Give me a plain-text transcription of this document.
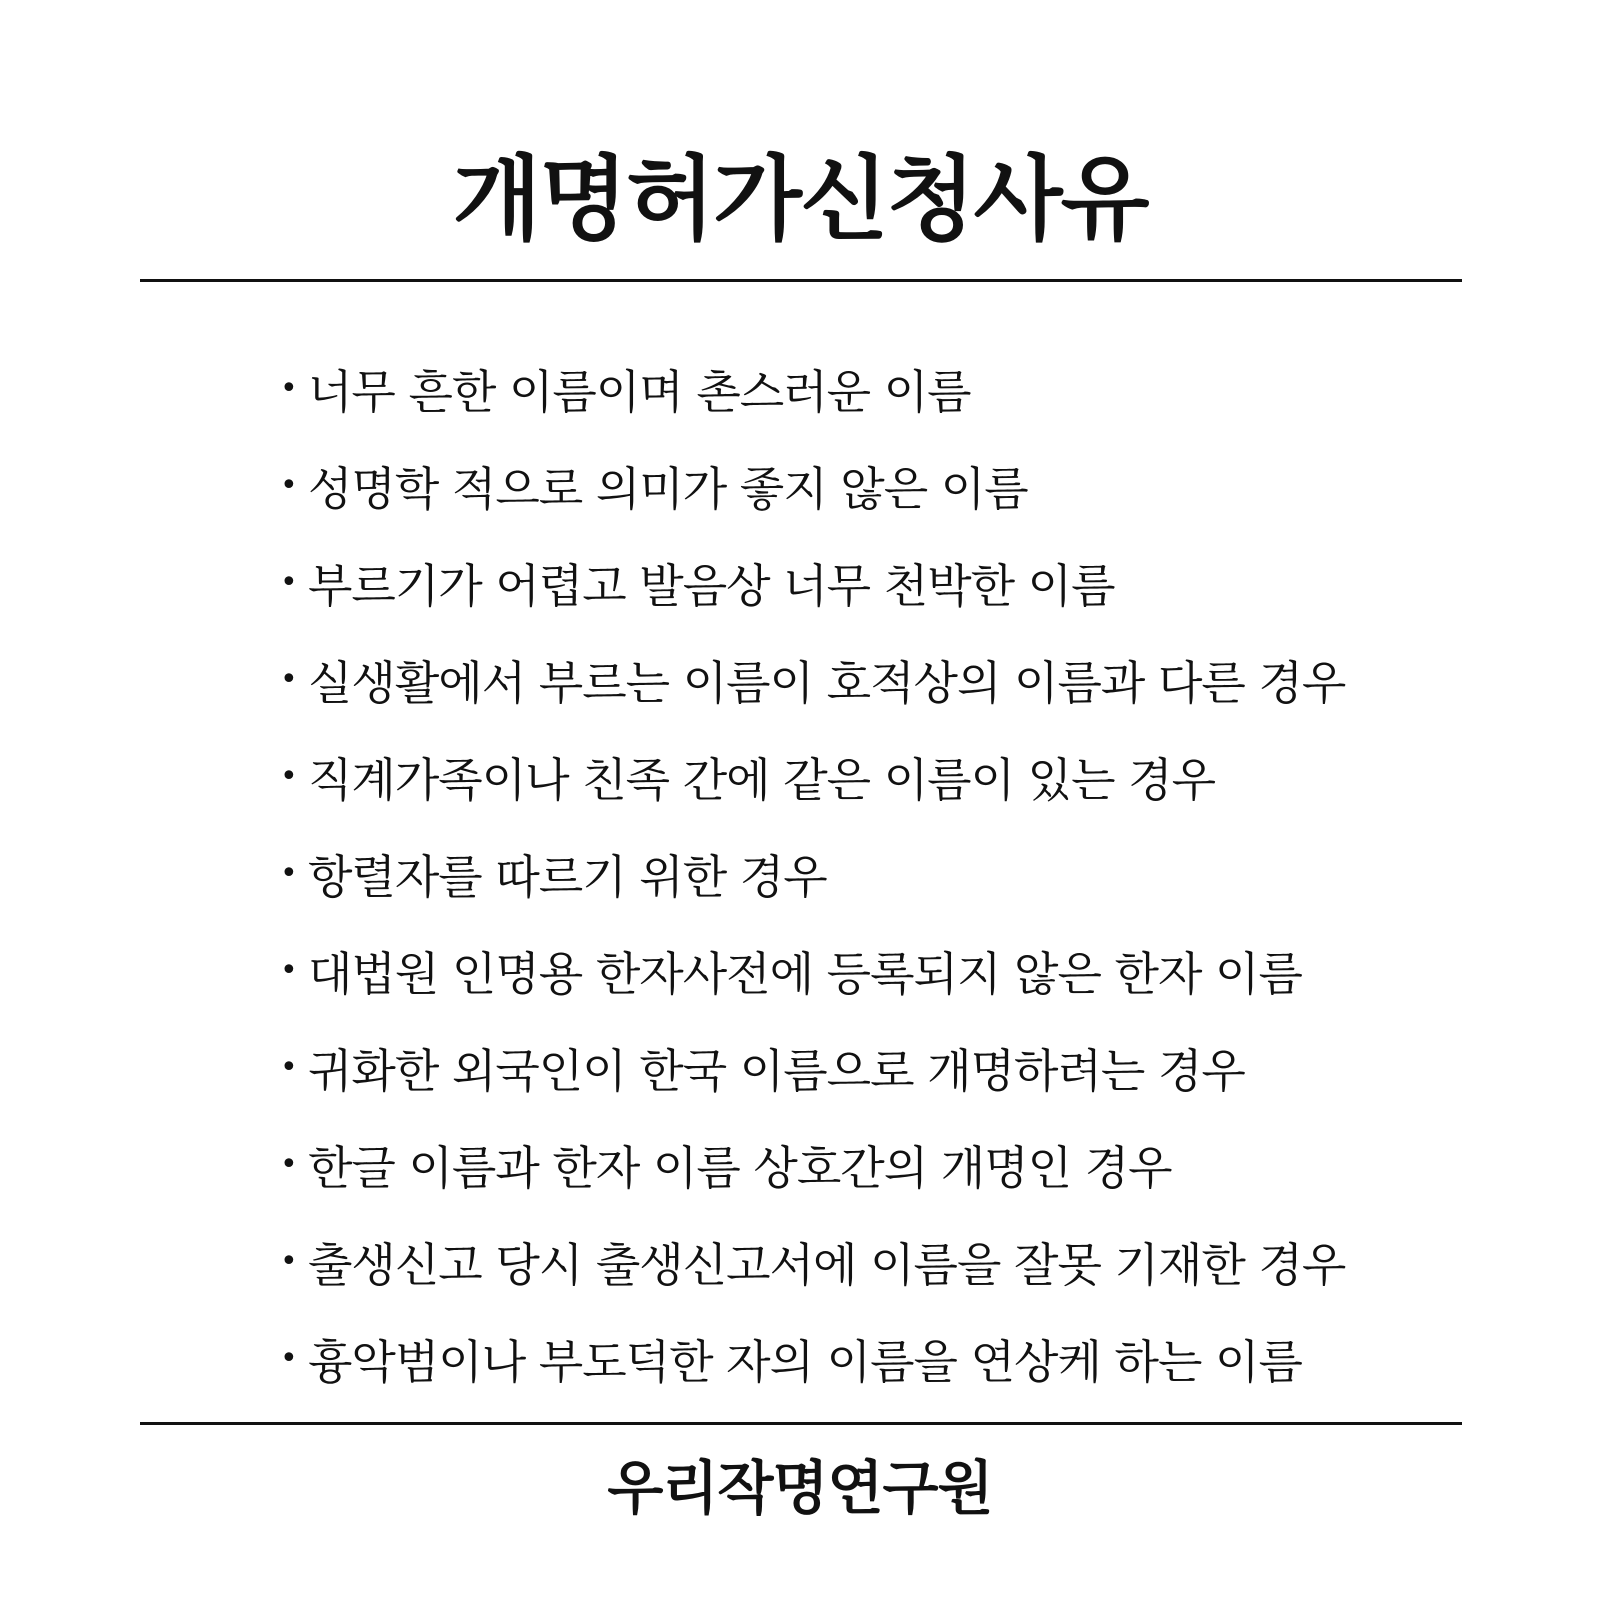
개명허가신청사유
• 너무 흔한 이름이며 촌스러운 이름
• 성명학 적으로 의미가 좋지 않은 이름
• 부르기가 어렵고 발음상 너무 천박한 이름
• 실생활에서 부르는 이름이 호적상의 이름과 다른 경우
• 직계가족이나 친족 간에 같은 이름이 있는 경우
• 항렬자를 따르기 위한 경우
• 대법원 인명용 한자사전에 등록되지 않은 한자 이름
• 귀화한 외국인이 한국 이름으로 개명하려는 경우
• 한글 이름과 한자 이름 상호간의 개명인 경우
• 출생신고 당시 출생신고서에 이름을 잘못 기재한 경우
• 흉악범이나 부도덕한 자의 이름을 연상케 하는 이름
우리작명연구원
